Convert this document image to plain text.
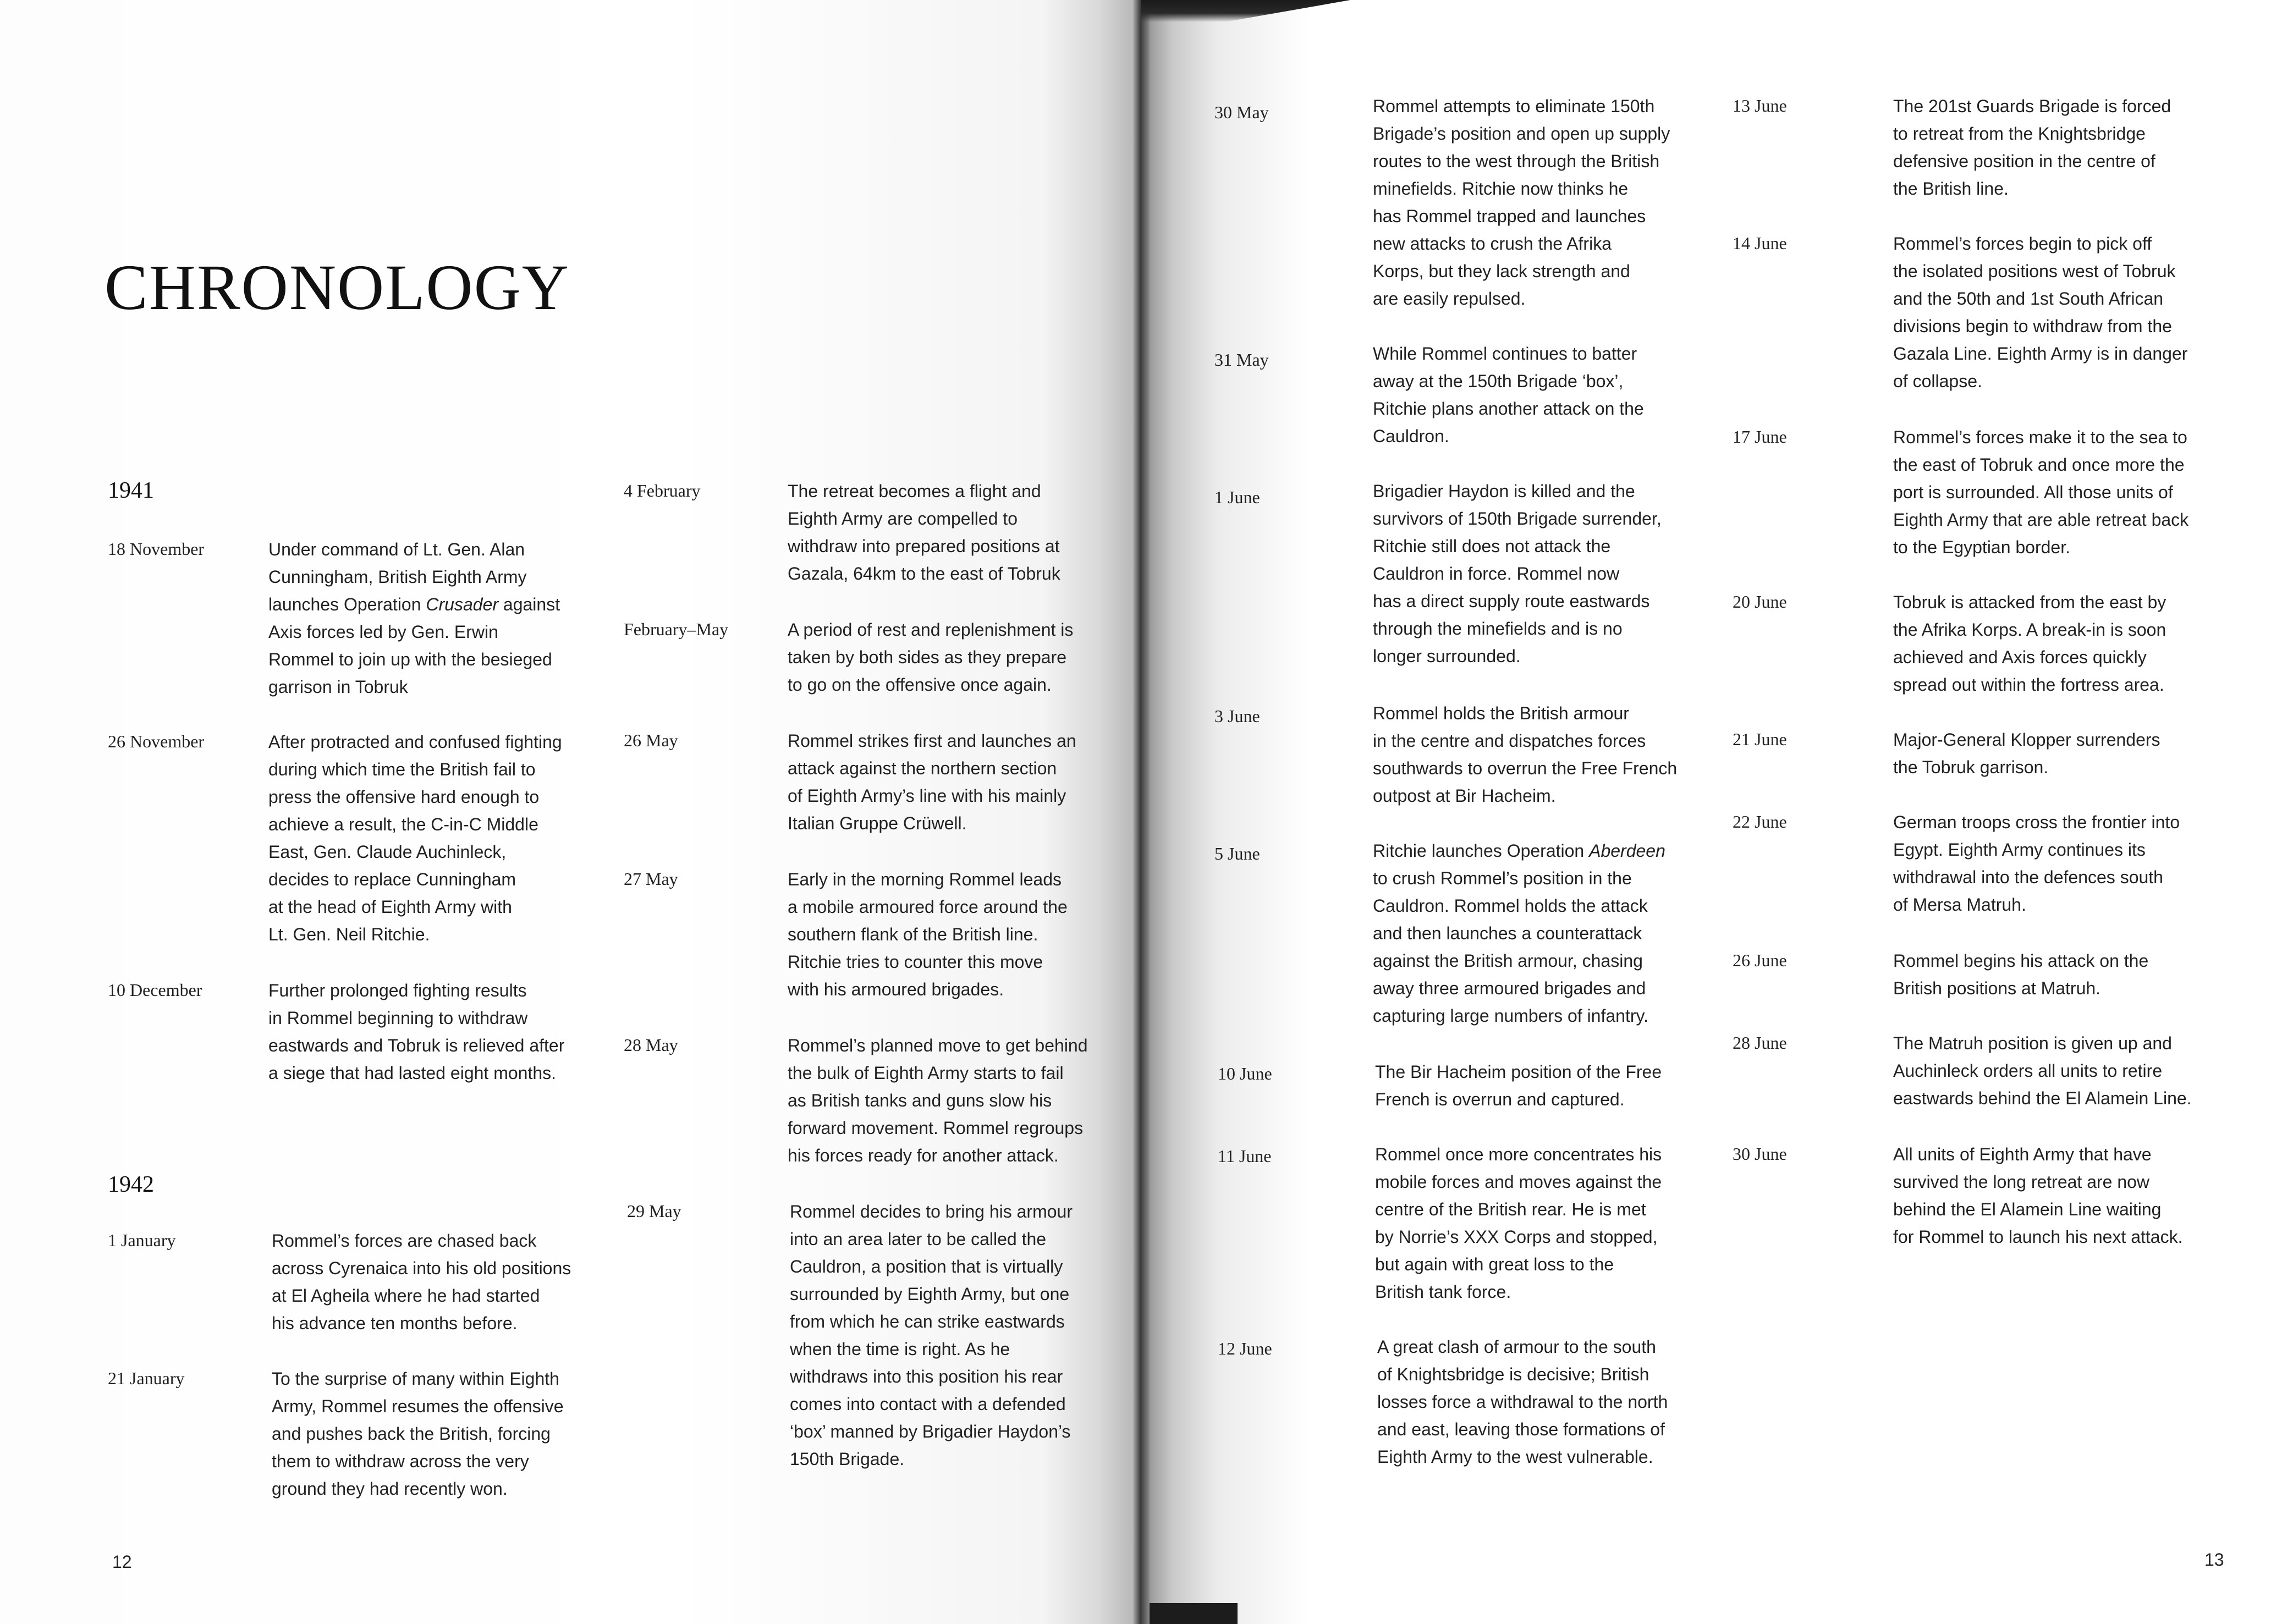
CHRONOLOGY
1941
1942
18 November	Under command of Lt. Gen. Alan
Cunningham, British Eighth Army
launches Operation Crusader against
Axis forces led by Gen. Erwin
Rommel to join up with the besieged
garrison in Tobruk
26 November	After protracted and confused fighting
during which time the British fail to
press the offensive hard enough to
achieve a result, the C-in-C Middle
East, Gen. Claude Auchinleck,
decides to replace Cunningham
at the head of Eighth Army with
Lt. Gen. Neil Ritchie.
10 December	Further prolonged fighting results
in Rommel beginning to withdraw
eastwards and Tobruk is relieved after
a siege that had lasted eight months.
1 January	Rommel’s forces are chased back
across Cyrenaica into his old positions
at El Agheila where he had started
his advance ten months before.
21 January	To the surprise of many within Eighth
Army, Rommel resumes the offensive
and pushes back the British, forcing
them to withdraw across the very
ground they had recently won.
4 February	The retreat becomes a flight and
Eighth Army are compelled to
withdraw into prepared positions at
Gazala, 64km to the east of Tobruk
February–May	A period of rest and replenishment is
taken by both sides as they prepare
to go on the offensive once again.
26 May	Rommel strikes first and launches an
attack against the northern section
of Eighth Army’s line with his mainly
Italian Gruppe Crüwell.
27 May	Early in the morning Rommel leads
a mobile armoured force around the
southern flank of the British line.
Ritchie tries to counter this move
with his armoured brigades.
28 May	Rommel’s planned move to get behind
the bulk of Eighth Army starts to fail
as British tanks and guns slow his
forward movement. Rommel regroups
his forces ready for another attack.
29 May	Rommel decides to bring his armour
into an area later to be called the
Cauldron, a position that is virtually
surrounded by Eighth Army, but one
from which he can strike eastwards
when the time is right. As he
withdraws into this position his rear
comes into contact with a defended
‘box’ manned by Brigadier Haydon’s
150th Brigade.
30 May	Rommel attempts to eliminate 150th
Brigade’s position and open up supply
routes to the west through the British
minefields. Ritchie now thinks he
has Rommel trapped and launches
new attacks to crush the Afrika
Korps, but they lack strength and
are easily repulsed.
31 May	While Rommel continues to batter
away at the 150th Brigade ‘box’,
Ritchie plans another attack on the
Cauldron.
1 June	Brigadier Haydon is killed and the
survivors of 150th Brigade surrender,
Ritchie still does not attack the
Cauldron in force. Rommel now
has a direct supply route eastwards
through the minefields and is no
longer surrounded.
3 June	Rommel holds the British armour
in the centre and dispatches forces
southwards to overrun the Free French
outpost at Bir Hacheim.
5 June	Ritchie launches Operation Aberdeen
to crush Rommel’s position in the
Cauldron. Rommel holds the attack
and then launches a counterattack
against the British armour, chasing
away three armoured brigades and
capturing large numbers of infantry.
10 June	The Bir Hacheim position of the Free
French is overrun and captured.
11 June	Rommel once more concentrates his
mobile forces and moves against the
centre of the British rear. He is met
by Norrie’s XXX Corps and stopped,
but again with great loss to the
British tank force.
12 June	A great clash of armour to the south
of Knightsbridge is decisive; British
losses force a withdrawal to the north
and east, leaving those formations of
Eighth Army to the west vulnerable.
13 June	The 201st Guards Brigade is forced
to retreat from the Knightsbridge
defensive position in the centre of
the British line.
14 June	Rommel’s forces begin to pick off
the isolated positions west of Tobruk
and the 50th and 1st South African
divisions begin to withdraw from the
Gazala Line. Eighth Army is in danger
of collapse.
17 June	Rommel’s forces make it to the sea to
the east of Tobruk and once more the
port is surrounded. All those units of
Eighth Army that are able retreat back
to the Egyptian border.
20 June	Tobruk is attacked from the east by
the Afrika Korps. A break-in is soon
achieved and Axis forces quickly
spread out within the fortress area.
21 June	Major-General Klopper surrenders
the Tobruk garrison.
22 June	German troops cross the frontier into
Egypt. Eighth Army continues its
withdrawal into the defences south
of Mersa Matruh.
26 June	Rommel begins his attack on the
British positions at Matruh.
28 June	The Matruh position is given up and
Auchinleck orders all units to retire
eastwards behind the El Alamein Line.
30 June	All units of Eighth Army that have
survived the long retreat are now
behind the El Alamein Line waiting
for Rommel to launch his next attack.
12	13
